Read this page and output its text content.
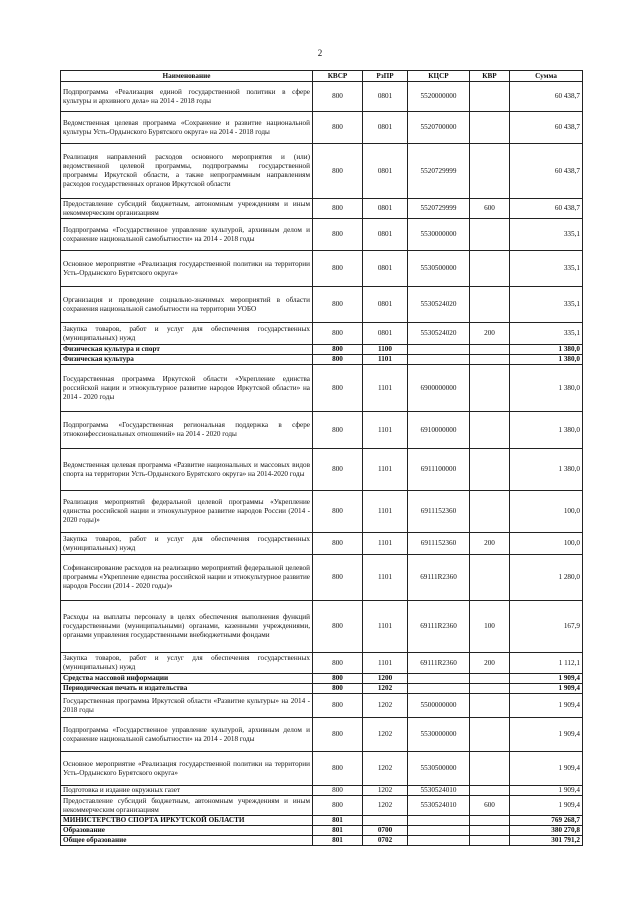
2
Наименование	КВСР	РзПР	КЦСР	КВР	Сумма
Подпрограмма «Реализация единой государственной политики в сфере культуры и архивного дела» на 2014 - 2018 годы	800	0801	5520000000		60 438,7
Ведомственная целевая программа «Сохранение и развитие национальной культуры Усть-Ордынского Бурятского округа» на 2014 - 2018 годы	800	0801	5520700000		60 438,7
Реализация направлений расходов основного мероприятия и (или) ведомственной целевой программы, подпрограммы государственной программы Иркутской области, а также непрограммным направлениям расходов государственных органов Иркутской области	800	0801	5520729999		60 438,7
Предоставление субсидий бюджетным, автономным учреждениям и иным некоммерческим организациям	800	0801	5520729999	600	60 438,7
Подпрограмма «Государственное управление культурой, архивным делом и сохранение национальной самобытности» на 2014 - 2018 годы	800	0801	5530000000		335,1
Основное мероприятие «Реализация государственной политики на территории Усть-Ордынского Бурятского округа»	800	0801	5530500000		335,1
Организация и проведение социально-значимых мероприятий в области сохранения национальной самобытности на территории УОБО	800	0801	5530524020		335,1
Закупка товаров, работ и услуг для обеспечения государственных (муниципальных) нужд	800	0801	5530524020	200	335,1
Физическая культура и спорт	800	1100			1 380,0
Физическая культура	800	1101			1 380,0
Государственная программа Иркутской области «Укрепление единства российской нации и этнокультурное развитие народов Иркутской области» на 2014 - 2020 годы	800	1101	6900000000		1 380,0
Подпрограмма «Государственная региональная поддержка в сфере этноконфессиональных отношений» на 2014 - 2020 годы	800	1101	6910000000		1 380,0
Ведомственная целевая программа «Развитие национальных и массовых видов спорта на территории Усть-Ордынского Бурятского округа» на 2014-2020 годы	800	1101	6911100000		1 380,0
Реализация мероприятий федеральной целевой программы «Укрепление единства российской нации и этнокультурное развитие народов России (2014 - 2020 годы)»	800	1101	6911152360		100,0
Закупка товаров, работ и услуг для обеспечения государственных (муниципальных) нужд	800	1101	6911152360	200	100,0
Софинансирование расходов на реализацию мероприятий федеральной целевой программы «Укрепление единства российской нации и этнокультурное развитие народов России (2014 - 2020 годы)»	800	1101	69111R2360		1 280,0
Расходы на выплаты персоналу в целях обеспечения выполнения функций государственными (муниципальными) органами, казенными учреждениями, органами управления государственными внебюджетными фондами	800	1101	69111R2360	100	167,9
Закупка товаров, работ и услуг для обеспечения государственных (муниципальных) нужд	800	1101	69111R2360	200	1 112,1
Средства массовой информации	800	1200			1 909,4
Периодическая печать и издательства	800	1202			1 909,4
Государственная программа Иркутской области «Развитие культуры» на 2014 - 2018 годы	800	1202	5500000000		1 909,4
Подпрограмма «Государственное управление культурой, архивным делом и сохранение национальной самобытности» на 2014 - 2018 годы	800	1202	5530000000		1 909,4
Основное мероприятие «Реализация государственной политики на территории Усть-Ордынского Бурятского округа»	800	1202	5530500000		1 909,4
Подготовка и издание окружных газет	800	1202	5530524010		1 909,4
Предоставление субсидий бюджетным, автономным учреждениям и иным некоммерческим организациям	800	1202	5530524010	600	1 909,4
МИНИСТЕРСТВО СПОРТА ИРКУТСКОЙ ОБЛАСТИ	801				769 268,7
Образование	801	0700			380 270,8
Общее образование	801	0702			301 791,2
